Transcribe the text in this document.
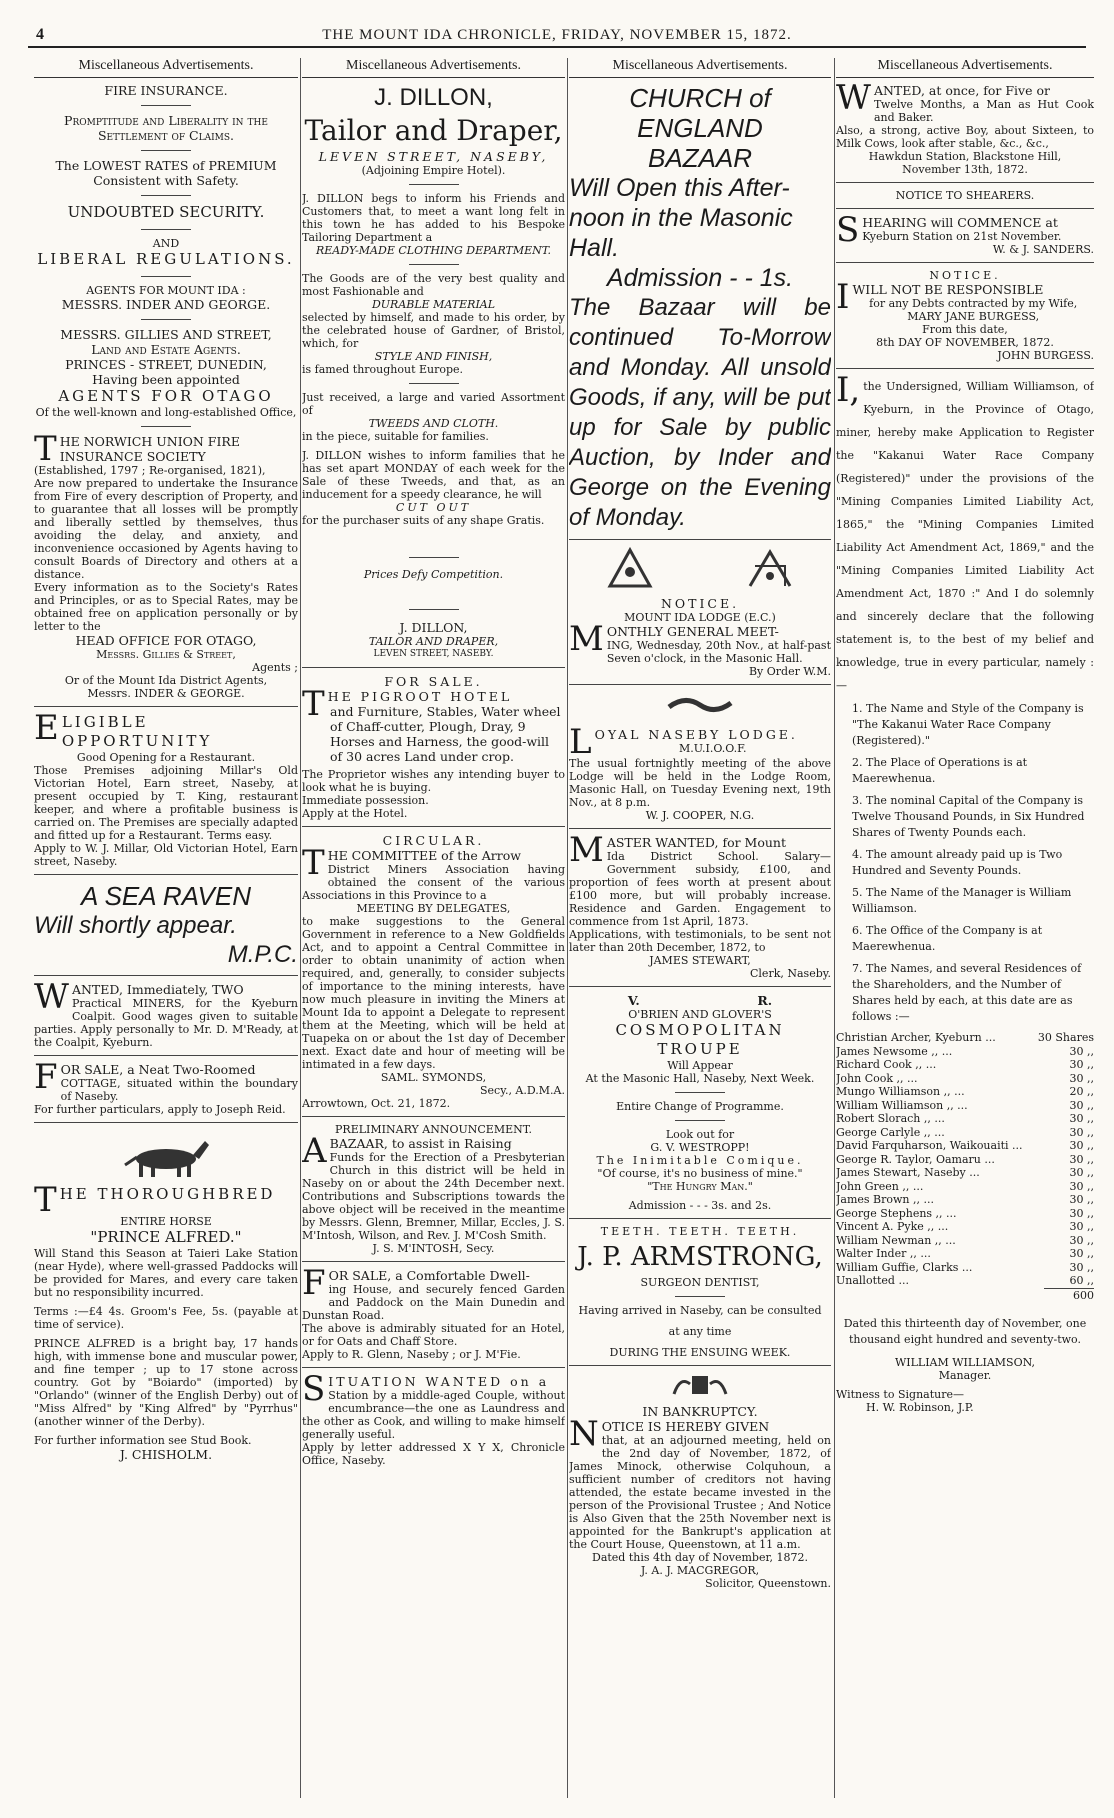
4	THE MOUNT IDA CHRONICLE, FRIDAY, NOVEMBER 15, 1872.
Miscellaneous Advertisements.

FIRE INSURANCE.

Promptitude and Liberality in the Settlement of Claims.

The LOWEST RATES of PREMIUM Consistent with Safety.

UNDOUBTED SECURITY.

AND

LIBERAL REGULATIONS.

AGENTS FOR MOUNT IDA :

MESSRS. INDER AND GEORGE.

MESSRS. GILLIES AND STREET,

Land and Estate Agents.

PRINCES - STREET, DUNEDIN,

Having been appointed

AGENTS FOR OTAGO

Of the well-known and long-established Office,

THE NORWICH UNION FIRE INSURANCE SOCIETY

(Established, 1797 ; Re-organised, 1821),

Are now prepared to undertake the Insurance from Fire of every description of Property, and to guarantee that all losses will be promptly and liberally settled by themselves, thus avoiding the delay, and anxiety, and inconvenience occasioned by Agents having to consult Boards of Directory and others at a distance.

Every information as to the Society's Rates and Principles, or as to Special Rates, may be obtained free on application personally or by letter to the

HEAD OFFICE FOR OTAGO,

Messrs. Gillies & Street,

Agents ;

Or of the Mount Ida District Agents,

Messrs. INDER & GEORGE.

ELIGIBLE OPPORTUNITY

Good Opening for a Restaurant.

Those Premises adjoining Millar's Old Victorian Hotel, Earn street, Naseby, at present occupied by T. King, restaurant keeper, and where a profitable business is carried on. The Premises are specially adapted and fitted up for a Restaurant. Terms easy.

Apply to W. J. Millar, Old Victorian Hotel, Earn street, Naseby.

A SEA RAVEN

Will shortly appear.

M.P.C.

WANTED, Immediately, TWO

Practical MINERS, for the Kyeburn Coalpit. Good wages given to suitable parties. Apply personally to Mr. D. M'Ready, at the Coalpit, Kyeburn.

FOR SALE, a Neat Two-Roomed

COTTAGE, situated within the boundary of Naseby.

For further particulars, apply to Joseph Reid.

THE THOROUGHBRED

ENTIRE HORSE

"PRINCE ALFRED."

Will Stand this Season at Taieri Lake Station (near Hyde), where well-grassed Paddocks will be provided for Mares, and every care taken but no responsibility incurred.

Terms :—£4 4s. Groom's Fee, 5s. (payable at time of service).

PRINCE ALFRED is a bright bay, 17 hands high, with immense bone and muscular power, and fine temper ; up to 17 stone across country. Got by "Boiardo" (imported) by "Orlando" (winner of the English Derby) out of "Miss Alfred" by "King Alfred" by "Pyrrhus" (another winner of the Derby).

For further information see Stud Book.

J. CHISHOLM.

Miscellaneous Advertisements.

J. DILLON,

Tailor and Draper,

LEVEN STREET, NASEBY,

(Adjoining Empire Hotel).

J. DILLON begs to inform his Friends and Customers that, to meet a want long felt in this town he has added to his Bespoke Tailoring Department a

READY-MADE CLOTHING DEPARTMENT.

The Goods are of the very best quality and most Fashionable and

DURABLE MATERIAL

selected by himself, and made to his order, by the celebrated house of Gardner, of Bristol, which, for

STYLE AND FINISH,

is famed throughout Europe.

Just received, a large and varied Assortment of

TWEEDS AND CLOTH.

in the piece, suitable for families.

J. DILLON wishes to inform families that he has set apart MONDAY of each week for the Sale of these Tweeds, and that, as an inducement for a speedy clearance, he will

CUT OUT

for the purchaser suits of any shape Gratis.

Prices Defy Competition.

J. DILLON,

TAILOR AND DRAPER,

LEVEN STREET, NASEBY.

FOR SALE.

THE PIGROOT HOTEL

and Furniture, Stables, Water wheel of Chaff-cutter, Plough, Dray, 9 Horses and Harness, the good-will of 30 acres Land under crop.

The Proprietor wishes any intending buyer to look what he is buying.

Immediate possession.

Apply at the Hotel.

CIRCULAR.

THE COMMITTEE of the Arrow

District Miners Association having obtained the consent of the various Associations in this Province to a

MEETING BY DELEGATES,

to make suggestions to the General Government in reference to a New Goldfields Act, and to appoint a Central Committee in order to obtain unanimity of action when required, and, generally, to consider subjects of importance to the mining interests, have now much pleasure in inviting the Miners at Mount Ida to appoint a Delegate to represent them at the Meeting, which will be held at Tuapeka on or about the 1st day of December next. Exact date and hour of meeting will be intimated in a few days.

SAML. SYMONDS,

Secy., A.D.M.A.

Arrowtown, Oct. 21, 1872.

PRELIMINARY ANNOUNCEMENT.

ABAZAAR, to assist in Raising

Funds for the Erection of a Presbyterian Church in this district will be held in Naseby on or about the 24th December next. Contributions and Subscriptions towards the above object will be received in the meantime by Messrs. Glenn, Bremner, Millar, Eccles, J. S. M'Intosh, Wilson, and Rev. J. M'Cosh Smith.

J. S. M'INTOSH, Secy.

FOR SALE, a Comfortable Dwell-

ing House, and securely fenced Garden and Paddock on the Main Dunedin and Dunstan Road.

The above is admirably situated for an Hotel, or for Oats and Chaff Store.

Apply to R. Glenn, Naseby ; or J. M'Fie.

SITUATION WANTED on a

Station by a middle-aged Couple, without encumbrance—the one as Laundress and the other as Cook, and willing to make himself generally useful.

Apply by letter addressed X Y X, Chronicle Office, Naseby.

Miscellaneous Advertisements.

CHURCH of ENGLAND

BAZAAR

Will Open this After-noon in the Masonic Hall.

Admission - - 1s.

The Bazaar will be continued To-Morrow and Monday. All unsold Goods, if any, will be put up for Sale by public Auction, by Inder and George on the Evening of Monday.

NOTICE.

MOUNT IDA LODGE (E.C.)

MONTHLY GENERAL MEET-

ING, Wednesday, 20th Nov., at half-past Seven o'clock, in the Masonic Hall.

By Order W.M.

LOYAL NASEBY LODGE.

M.U.I.O.O.F.

The usual fortnightly meeting of the above Lodge will be held in the Lodge Room, Masonic Hall, on Tuesday Evening next, 19th Nov., at 8 p.m.

W. J. COOPER, N.G.

MASTER WANTED, for Mount

Ida District School. Salary—Government subsidy, £100, and proportion of fees worth at present about £100 more, but will probably increase. Residence and Garden. Engagement to commence from 1st April, 1873.

Applications, with testimonials, to be sent not later than 20th December, 1872, to

JAMES STEWART,

Clerk, Naseby.

V.	R.

O'BRIEN AND GLOVER'S

COSMOPOLITAN TROUPE

Will Appear

At the Masonic Hall, Naseby, Next Week.

Entire Change of Programme.

Look out for

G. V. WESTROPP!

The Inimitable Comique.

"Of course, it's no business of mine."

"The Hungry Man."

Admission - - - 3s. and 2s.

TEETH. TEETH. TEETH.

J. P. ARMSTRONG,

SURGEON DENTIST,

Having arrived in Naseby, can be consulted

at any time

DURING THE ENSUING WEEK.

IN BANKRUPTCY.

NOTICE IS HEREBY GIVEN

that, at an adjourned meeting, held on the 2nd day of November, 1872, of James Minock, otherwise Colquhoun, a sufficient number of creditors not having attended, the estate became invested in the person of the Provisional Trustee ; And Notice is Also Given that the 25th November next is appointed for the Bankrupt's application at the Court House, Queenstown, at 11 a.m.

Dated this 4th day of November, 1872.

J. A. J. MACGREGOR,

Solicitor, Queenstown.

Miscellaneous Advertisements.

WANTED, at once, for Five or

Twelve Months, a Man as Hut Cook and Baker.

Also, a strong, active Boy, about Sixteen, to Milk Cows, look after stable, &c., &c.,

Hawkdun Station, Blackstone Hill,

November 13th, 1872.

NOTICE TO SHEARERS.

SHEARING will COMMENCE at

Kyeburn Station on 21st November.

W. & J. SANDERS.

NOTICE.

IWILL NOT BE RESPONSIBLE

for any Debts contracted by my Wife, MARY JANE BURGESS,

From this date,

8th DAY OF NOVEMBER, 1872.

JOHN BURGESS.

I, the Undersigned, William Williamson, of Kyeburn, in the Province of Otago, miner, hereby make Application to Register the "Kakanui Water Race Company (Registered)" under the provisions of the "Mining Companies Limited Liability Act, 1865," the "Mining Companies Limited Liability Act Amendment Act, 1869," and the "Mining Companies Limited Liability Act Amendment Act, 1870 :" And I do solemnly and sincerely declare that the following statement is, to the best of my belief and knowledge, true in every particular, namely :—

1. The Name and Style of the Company is "The Kakanui Water Race Company (Registered)."

2. The Place of Operations is at Maerewhenua.

3. The nominal Capital of the Company is Twelve Thousand Pounds, in Six Hundred Shares of Twenty Pounds each.

4. The amount already paid up is Two Hundred and Seventy Pounds.

5. The Name of the Manager is William Williamson.

6. The Office of the Company is at Maerewhenua.

7. The Names, and several Residences of the Shareholders, and the Number of Shares held by each, at this date are as follows :—

Christian Archer, Kyeburn ...	30 Shares
James Newsome ,, ...	30 ,,
Richard Cook ,, ...	30 ,,
John Cook ,, ...	30 ,,
Mungo Williamson ,, ...	20 ,,
William Williamson ,, ...	30 ,,
Robert Slorach ,, ...	30 ,,
George Carlyle ,, ...	30 ,,
David Farquharson, Waikouaiti ...	30 ,,
George R. Taylor, Oamaru ...	30 ,,
James Stewart, Naseby ...	30 ,,
John Green ,, ...	30 ,,
James Brown ,, ...	30 ,,
George Stephens ,, ...	30 ,,
Vincent A. Pyke ,, ...	30 ,,
William Newman ,, ...	30 ,,
Walter Inder ,, ...	30 ,,
William Guffie, Clarks ...	30 ,,
Unallotted ...	60 ,,

600

Dated this thirteenth day of November, one thousand eight hundred and seventy-two.

WILLIAM WILLIAMSON,

Manager.

Witness to Signature—

H. W. Robinson, J.P.
